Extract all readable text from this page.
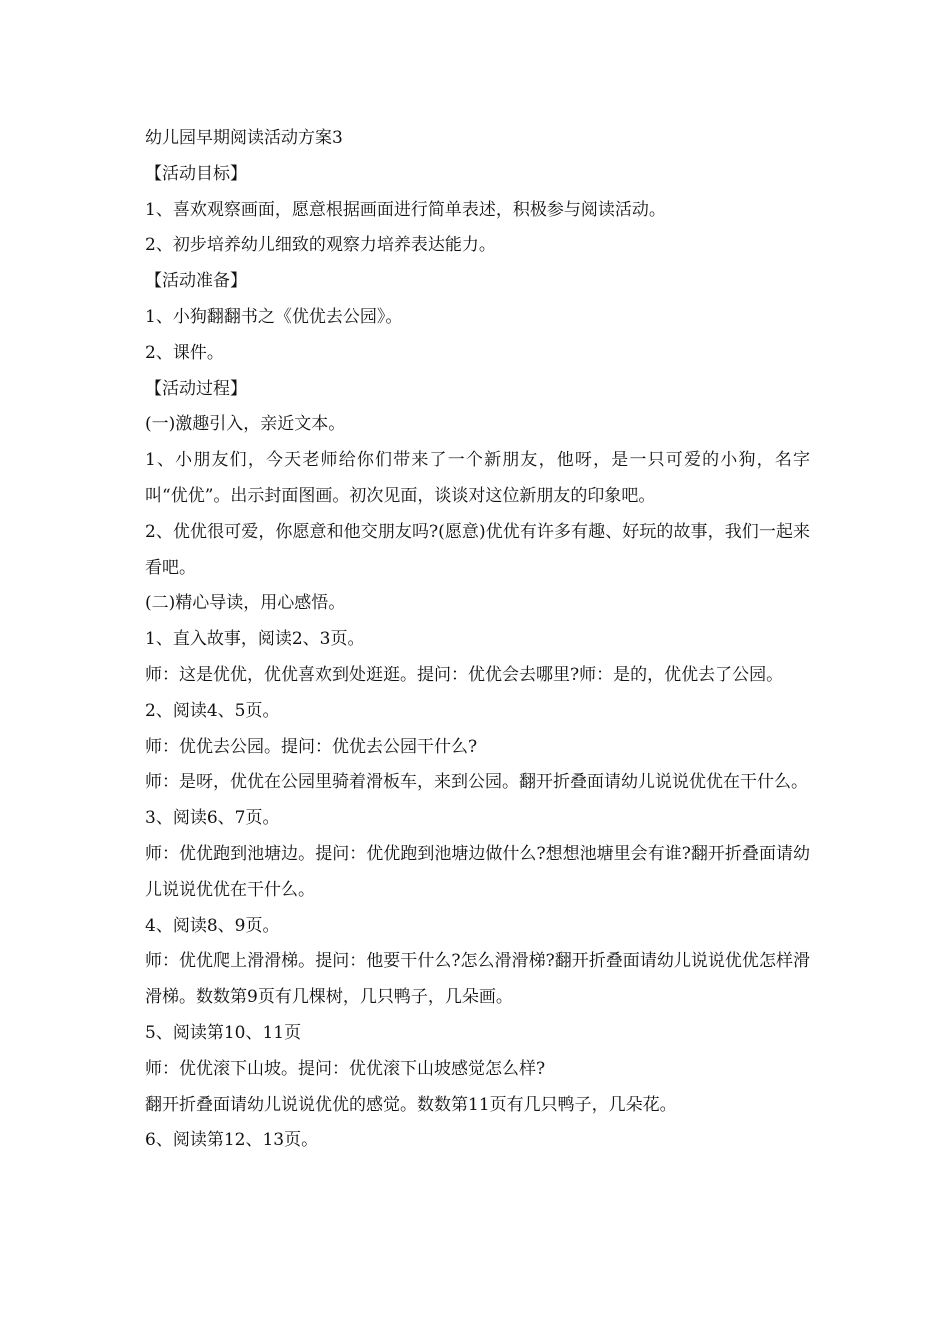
幼儿园早期阅读活动方案3

【活动目标】

1、喜欢观察画面，愿意根据画面进行简单表述，积极参与阅读活动。

2、初步培养幼儿细致的观察力培养表达能力。

【活动准备】

1、小狗翻翻书之《优优去公园》。

2、课件。

【活动过程】

(一)激趣引入，亲近文本。

1、小朋友们，今天老师给你们带来了一个新朋友，他呀，是一只可爱的小狗，名字叫“优优”。出示封面图画。初次见面，谈谈对这位新朋友的印象吧。

2、优优很可爱，你愿意和他交朋友吗?(愿意)优优有许多有趣、好玩的故事，我们一起来看吧。

(二)精心导读，用心感悟。

1、直入故事，阅读2、3页。

师：这是优优，优优喜欢到处逛逛。提问：优优会去哪里?师：是的，优优去了公园。

2、阅读4、5页。

师：优优去公园。提问：优优去公园干什么?

师：是呀，优优在公园里骑着滑板车，来到公园。翻开折叠面请幼儿说说优优在干什么。

3、阅读6、7页。

师：优优跑到池塘边。提问：优优跑到池塘边做什么?想想池塘里会有谁?翻开折叠面请幼儿说说优优在干什么。

4、阅读8、9页。

师：优优爬上滑滑梯。提问：他要干什么?怎么滑滑梯?翻开折叠面请幼儿说说优优怎样滑滑梯。数数第9页有几棵树，几只鸭子，几朵画。

5、阅读第10、11页

师：优优滚下山坡。提问：优优滚下山坡感觉怎么样?

翻开折叠面请幼儿说说优优的感觉。数数第11页有几只鸭子，几朵花。

6、阅读第12、13页。
